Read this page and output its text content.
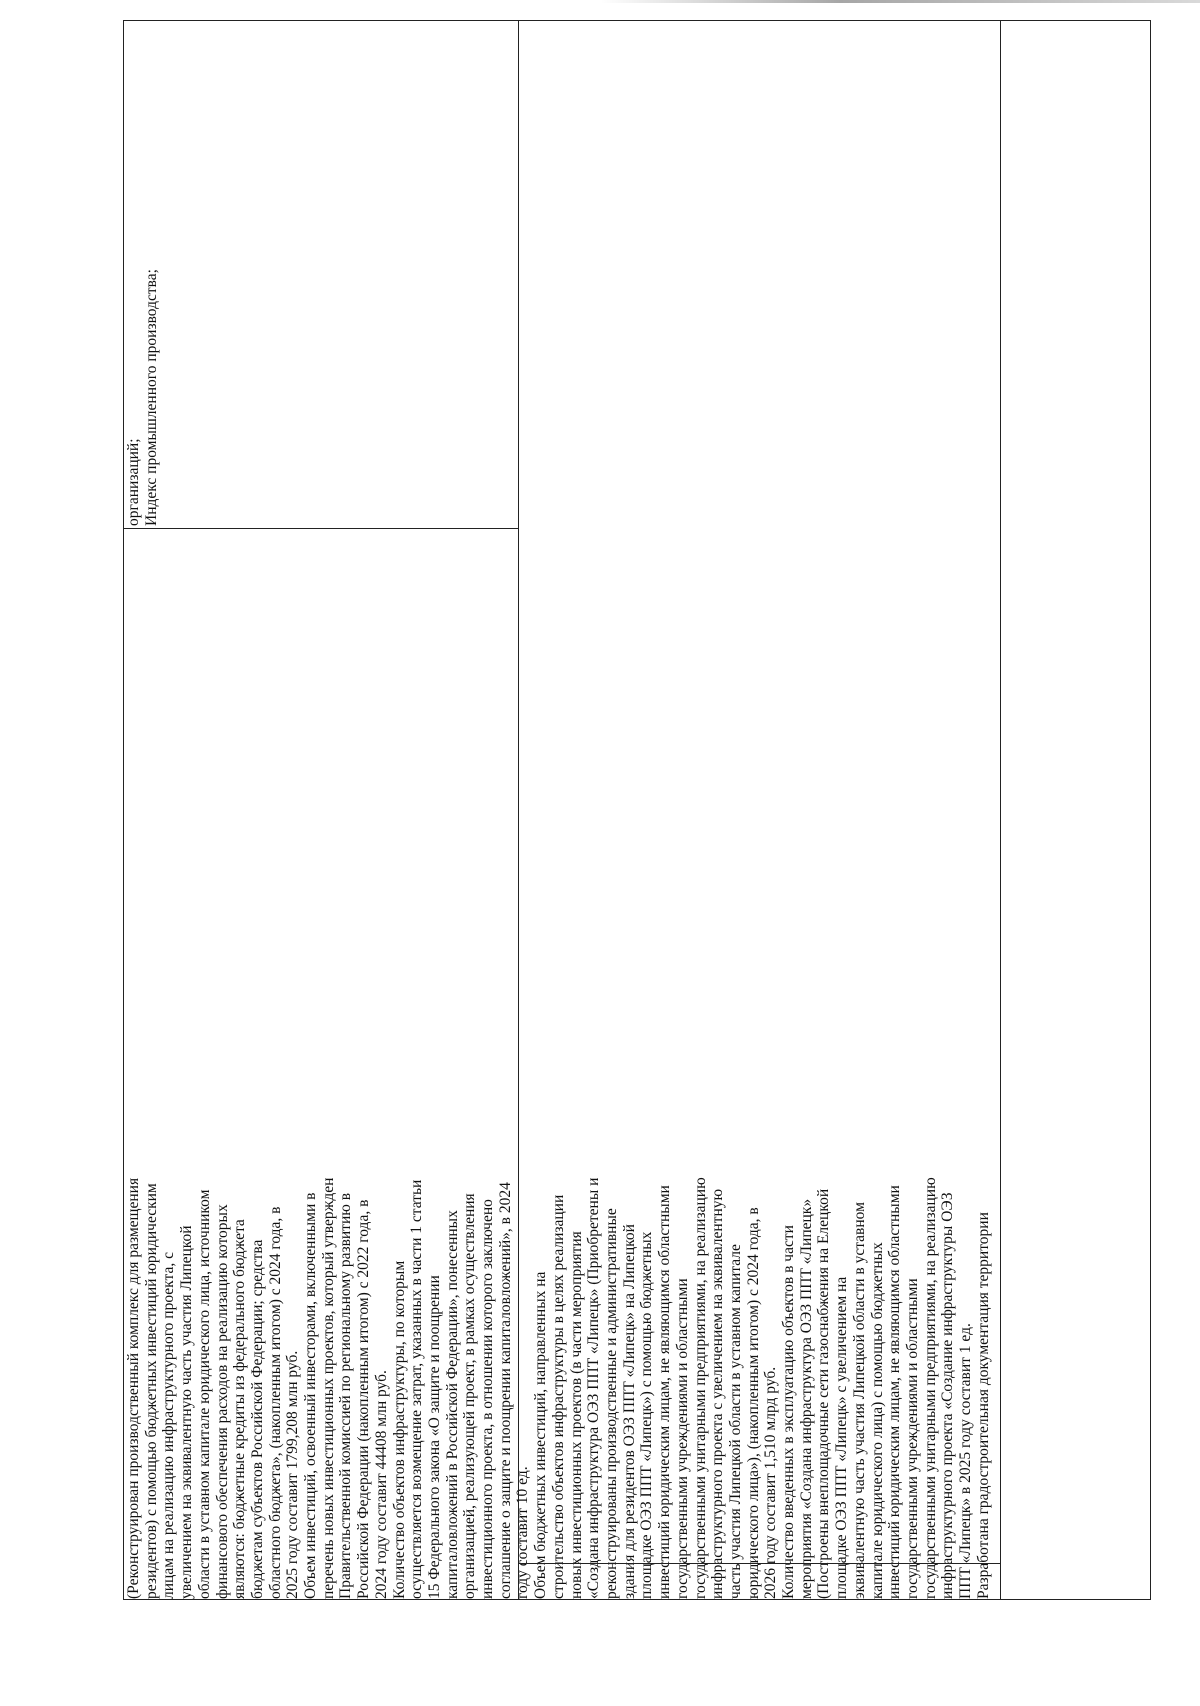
(Реконструирован производственный комплекс для размещения резидентов) с помощью бюджетных инвестиций юридическим лицам на реализацию инфраструктурного проекта, с увеличением на эквивалентную часть участия Липецкой области в уставном капитале юридического лица, источником финансового обеспечения расходов на реализацию которых являются: бюджетные кредиты из федерального бюджета бюджетам субъектов Российской Федерации; средства областного бюджета», (накопленным итогом) с 2024 года, в 2025 году составит 1799,208 млн руб. Объем инвестиций, освоенный инвесторами, включенными в перечень новых инвестиционных проектов, который утвержден Правительственной комиссией по региональному развитию в Российской Федерации (накопленным итогом) с 2022 года, в 2024 году составит 44408 млн руб. Количество объектов инфраструктуры, по которым осуществляется возмещение затрат, указанных в части 1 статьи 15 Федерального закона «О защите и поощрении капиталовложений в Российской Федерации», понесенных организацией, реализующей проект, в рамках осуществления инвестиционного проекта, в отношении которого заключено соглашение о защите и поощрении капиталовложений», в 2024 году составит 10 ед. Объем бюджетных инвестиций, направленных на строительство объектов инфраструктуры в целях реализации новых инвестиционных проектов (в части мероприятия «Создана инфраструктура ОЭЗ ППТ «Липецк» (Приобретены и реконструированы производственные и административные здания для резидентов ОЭЗ ППТ «Липецк» на Липецкой площадке ОЭЗ ППТ «Липецк») с помощью бюджетных инвестиций юридическим лицам, не являющимся областными государственными учреждениями и областными государственными унитарными предприятиями, на реализацию инфраструктурного проекта с увеличением на эквивалентную часть участия Липецкой области в уставном капитале юридического лица»), (накопленным итогом) с 2024 года, в 2026 году составит 1,510 млрд руб. Количество введенных в эксплуатацию объектов в части мероприятия «Создана инфраструктура ОЭЗ ППТ «Липецк» (Построены внеплощадочные сети газоснабжения на Елецкой площадке ОЭЗ ППТ «Липецк» с увеличением на эквивалентную часть участия Липецкой области в уставном капитале юридического лица) с помощью бюджетных инвестиций юридическим лицам, не являющимся областными государственными учреждениями и областными государственными унитарными предприятиями, на реализацию инфраструктурного проекта «Создание инфраструктуры ОЭЗ ППТ «Липецк» в 2025 году составит 1 ед. Разработана градостроительная документация территории

организаций; Индекс промышленного производства;
